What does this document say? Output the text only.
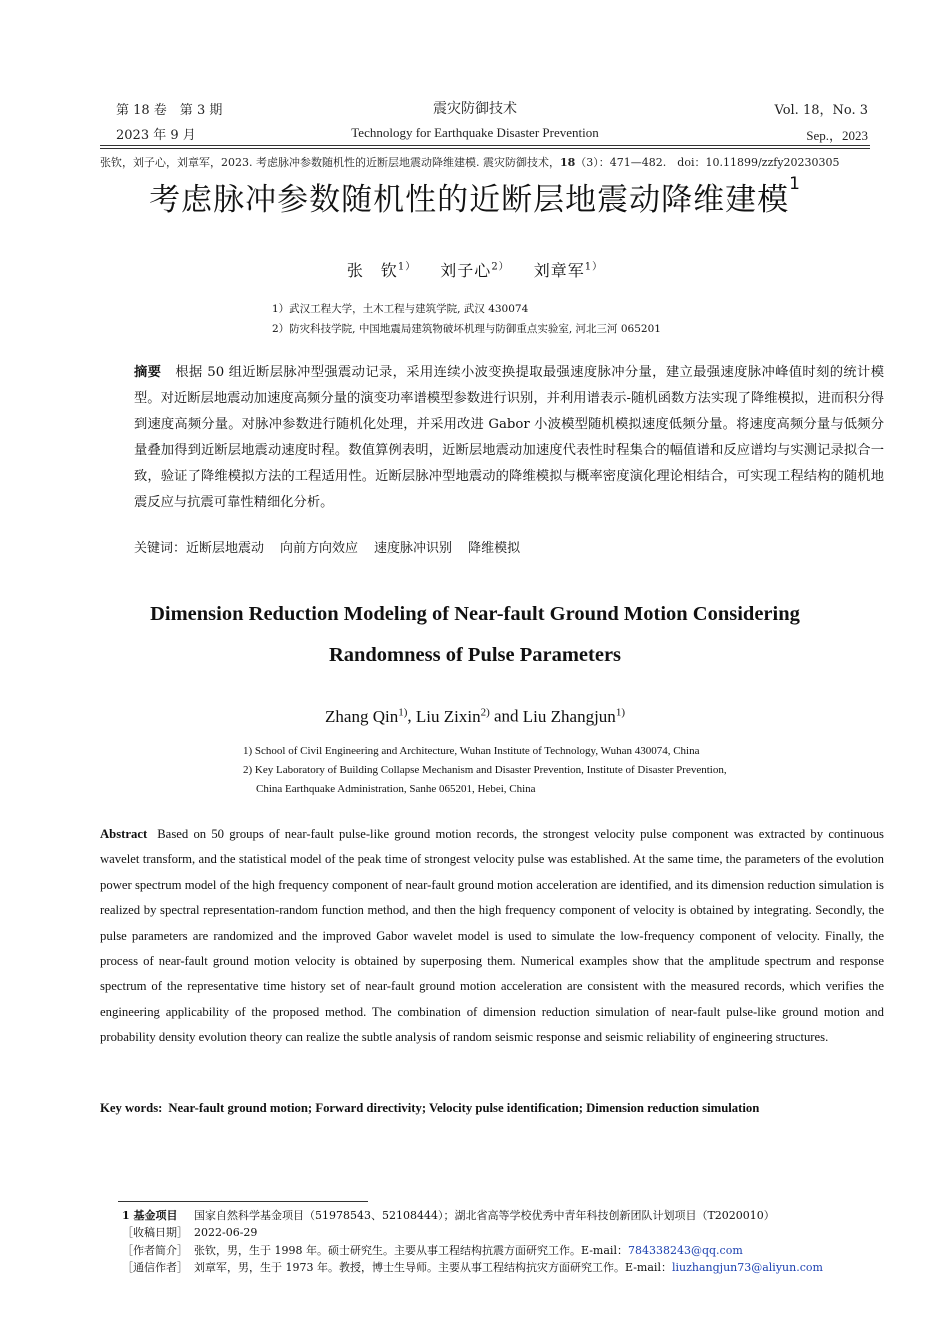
第 18 卷　第 3 期	震灾防御技术	Vol. 18，No. 3
2023 年 9 月	Technology for Earthquake Disaster Prevention	Sep.，2023
张钦，刘子心，刘章军，2023. 考虑脉冲参数随机性的近断层地震动降维建模. 震灾防御技术，18（3）：471—482.　doi：10.11899/zzfy20230305
考虑脉冲参数随机性的近断层地震动降维建模$^1$
张　钦$^{1)}$ 刘子心$^{2)}$ 刘章军$^{1)}$
1）武汉工程大学，土木工程与建筑学院, 武汉 430074
2）防灾科技学院, 中国地震局建筑物破坏机理与防御重点实验室, 河北三河 065201
摘要 根据 50 组近断层脉冲型强震动记录，采用连续小波变换提取最强速度脉冲分量，建立最强速度脉冲峰值时刻的统计模型。对近断层地震动加速度高频分量的演变功率谱模型参数进行识别，并利用谱表示-随机函数方法实现了降维模拟，进而积分得到速度高频分量。对脉冲参数进行随机化处理，并采用改进 Gabor 小波模型随机模拟速度低频分量。将速度高频分量与低频分量叠加得到近断层地震动速度时程。数值算例表明，近断层地震动加速度代表性时程集合的幅值谱和反应谱均与实测记录拟合一致，验证了降维模拟方法的工程适用性。近断层脉冲型地震动的降维模拟与概率密度演化理论相结合，可实现工程结构的随机地震反应与抗震可靠性精细化分析。
关键词：近断层地震动 向前方向效应 速度脉冲识别 降维模拟
Dimension Reduction Modeling of Near-fault Ground Motion Considering Randomness of Pulse Parameters
Zhang Qin$^{1)}$, Liu Zixin$^{2)}$ and Liu Zhangjun$^{1)}$
1) School of Civil Engineering and Architecture, Wuhan Institute of Technology, Wuhan 430074, China
2) Key Laboratory of Building Collapse Mechanism and Disaster Prevention, Institute of Disaster Prevention,
China Earthquake Administration, Sanhe 065201, Hebei, China
Abstract Based on 50 groups of near-fault pulse-like ground motion records, the strongest velocity pulse component was extracted by continuous wavelet transform, and the statistical model of the peak time of strongest velocity pulse was established. At the same time, the parameters of the evolution power spectrum model of the high frequency component of near-fault ground motion acceleration are identified, and its dimension reduction simulation is realized by spectral representation-random function method, and then the high frequency component of velocity is obtained by integrating. Secondly, the pulse parameters are randomized and the improved Gabor wavelet model is used to simulate the low-frequency component of velocity. Finally, the process of near-fault ground motion velocity is obtained by superposing them. Numerical examples show that the amplitude spectrum and response spectrum of the representative time history set of near-fault ground motion acceleration are consistent with the measured records, which verifies the engineering applicability of the proposed method. The combination of dimension reduction simulation of near-fault pulse-like ground motion and probability density evolution theory can realize the subtle analysis of random seismic response and seismic reliability of engineering structures.
Key words: Near-fault ground motion; Forward directivity; Velocity pulse identification; Dimension reduction simulation
1 基金项目 国家自然科学基金项目（51978543、52108444）；湖北省高等学校优秀中青年科技创新团队计划项目（T2020010）
［收稿日期］ 2022-06-29
［作者简介］ 张钦，男，生于 1998 年。硕士研究生。主要从事工程结构抗震方面研究工作。E-mail：784338243@qq.com
［通信作者］ 刘章军，男，生于 1973 年。教授，博士生导师。主要从事工程结构抗灾方面研究工作。E-mail：liuzhangjun73@aliyun.com
